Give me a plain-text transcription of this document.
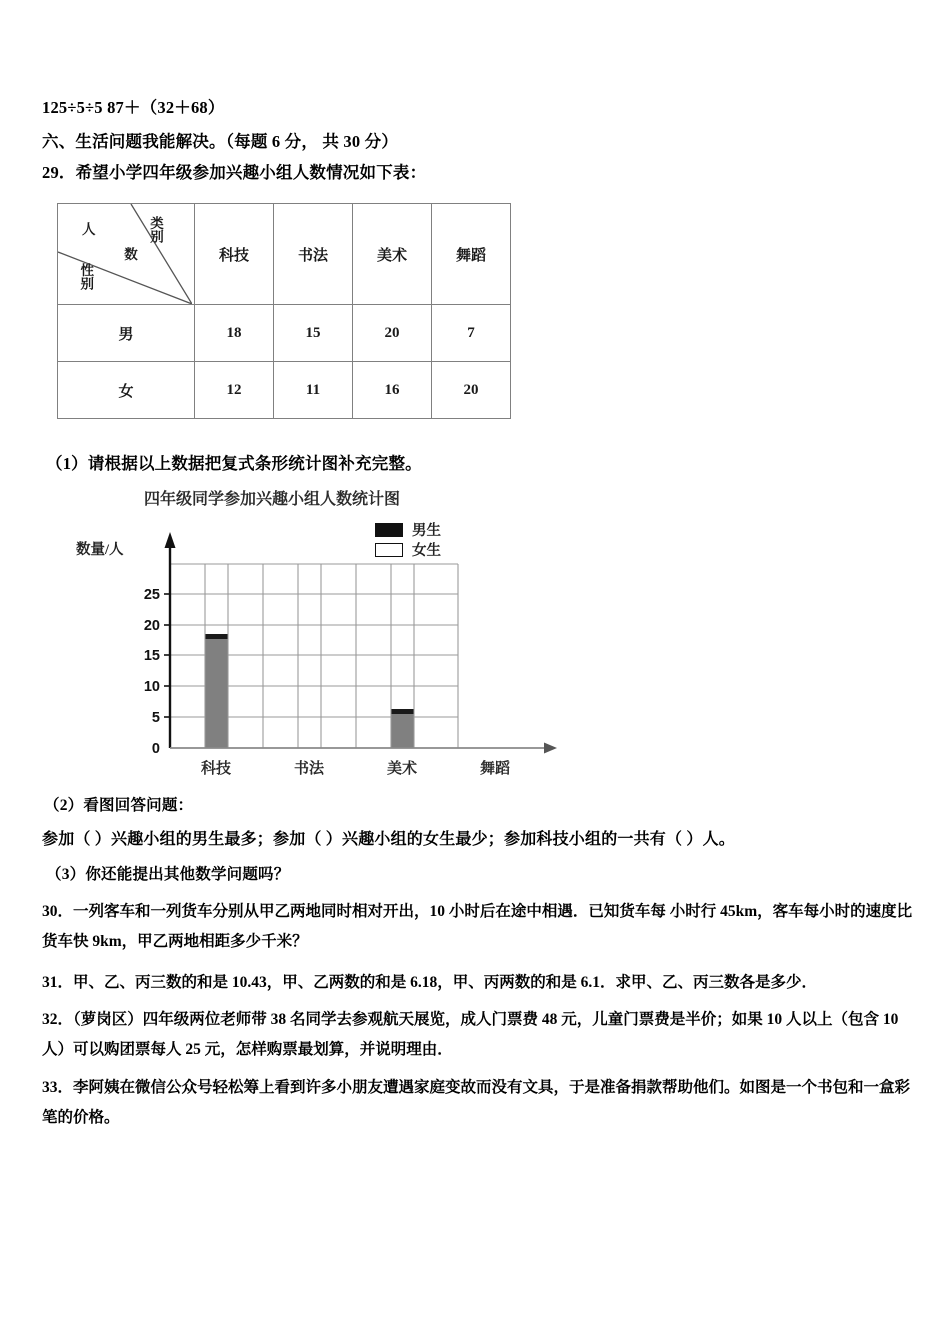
125÷5÷5 87＋（32＋68）
六、生活问题我能解决。（每题 6 分， 共 30 分）
29．希望小学四年级参加兴趣小组人数情况如下表：
人 类别
数
性别	科技	书法	美术	舞蹈
男	18	15	20	7
女	12	11	16	20
（1）请根据以上数据把复式条形统计图补充完整。
四年级同学参加兴趣小组人数统计图
男生
女生
数量/人
0
5
10
15
20
25
科技	书法	美术	舞蹈
（2）看图回答问题：
参加（ ）兴趣小组的男生最多；参加（ ）兴趣小组的女生最少；参加科技小组的一共有（ ）人。
（3）你还能提出其他数学问题吗？
30．一列客车和一列货车分别从甲乙两地同时相对开出，10 小时后在途中相遇．已知货车每 小时行 45km，客车每小时的速度比货车快 9km，甲乙两地相距多少千米？
31．甲、乙、丙三数的和是 10.43，甲、乙两数的和是 6.18，甲、丙两数的和是 6.1．求甲、乙、丙三数各是多少．
32．（萝岗区）四年级两位老师带 38 名同学去参观航天展览，成人门票费 48 元，儿童门票费是半价；如果 10 人以上（包含 10 人）可以购团票每人 25 元，怎样购票最划算，并说明理由．
33．李阿姨在微信公众号轻松筹上看到许多小朋友遭遇家庭变故而没有文具，于是准备捐款帮助他们。如图是一个书包和一盒彩笔的价格。
